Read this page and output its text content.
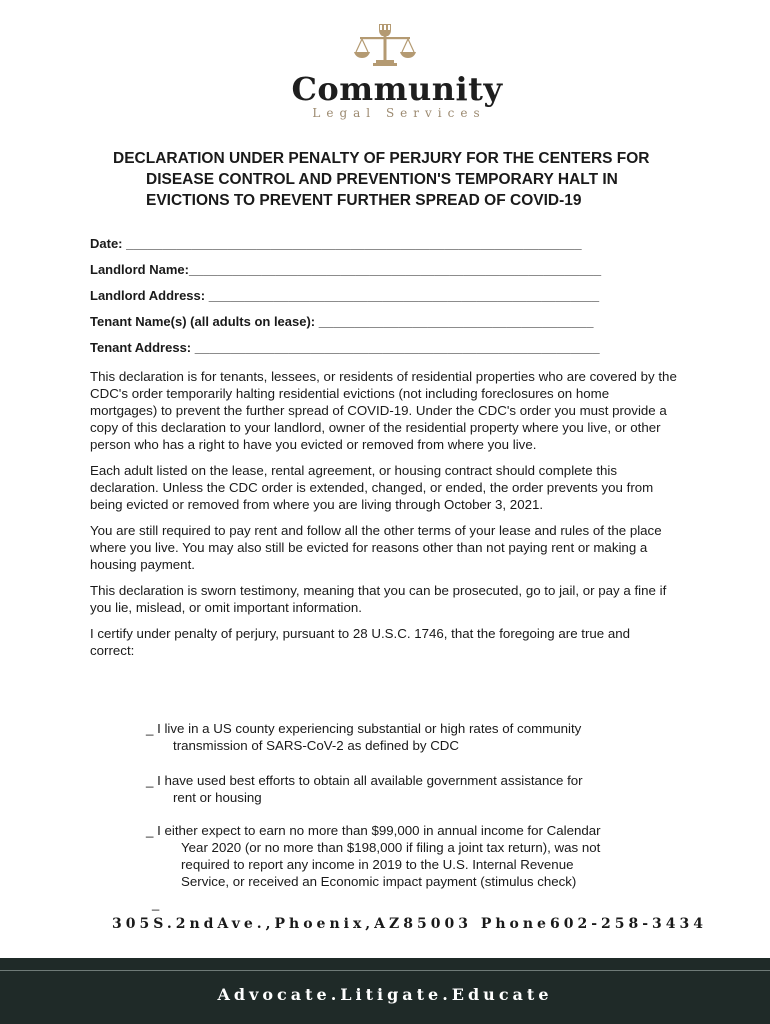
Community
Legal Services
DECLARATION UNDER PENALTY OF PERJURY FOR THE CENTERS FOR
DISEASE CONTROL AND PREVENTION'S TEMPORARY HALT IN
EVICTIONS TO PREVENT FURTHER SPREAD OF COVID-19
Date: _______________________________________________________________
Landlord Name:_________________________________________________________
Landlord Address: ______________________________________________________
Tenant Name(s) (all adults on lease): ______________________________________
Tenant Address: ________________________________________________________

This declaration is for tenants, lessees, or residents of residential properties who are covered by the CDC's order temporarily halting residential evictions (not including foreclosures on home mortgages) to prevent the further spread of COVID-19. Under the CDC's order you must provide a copy of this declaration to your landlord, owner of the residential property where you live, or other person who has a right to have you evicted or removed from where you live.

Each adult listed on the lease, rental agreement, or housing contract should complete this declaration. Unless the CDC order is extended, changed, or ended, the order prevents you from being evicted or removed from where you are living through October 3, 2021.

You are still required to pay rent and follow all the other terms of your lease and rules of the place where you live. You may also still be evicted for reasons other than not paying rent or making a housing payment.

This declaration is sworn testimony, meaning that you can be prosecuted, go to jail, or pay a fine if you lie, mislead, or omit important information.

I certify under penalty of perjury, pursuant to 28 U.S.C. 1746, that the foregoing are true and correct:

_ I live in a US county experiencing substantial or high rates of community
transmission of SARS-CoV-2 as defined by CDC
_ I have used best efforts to obtain all available government assistance for
rent or housing
_ I either expect to earn no more than $99,000 in annual income for Calendar
Year 2020 (or no more than $198,000 if filing a joint tax return), was not
required to report any income in 2019 to the U.S. Internal Revenue
Service, or received an Economic impact payment (stimulus check)
_
305S.2ndAve.,Phoenix,AZ85003 Phone602-258-3434
Advocate.Litigate.Educate
